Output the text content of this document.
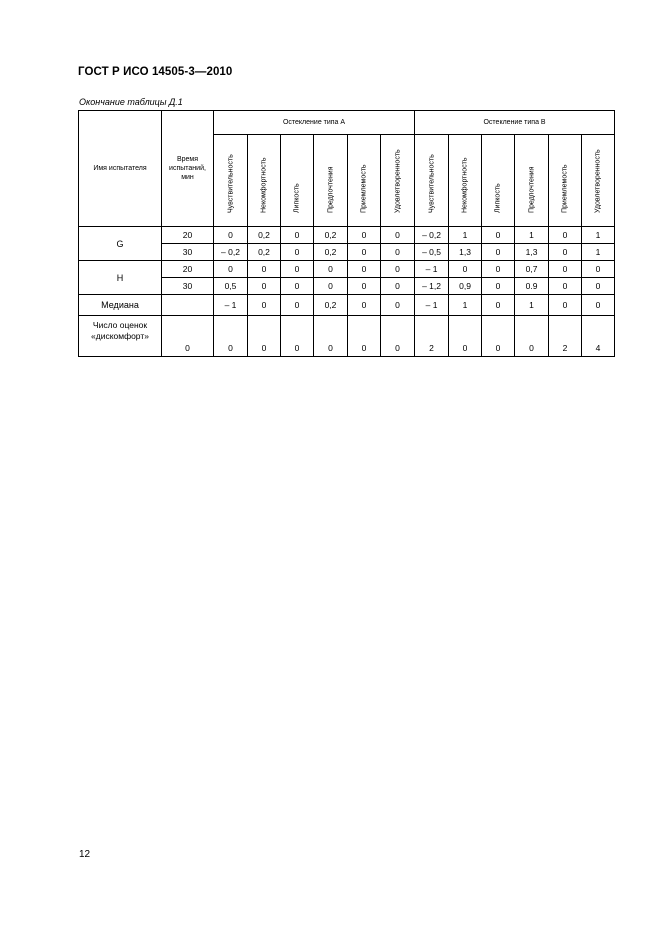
ГОСТ Р ИСО 14505-3—2010
Окончание таблицы Д.1
Имя испытателя	Время испытаний, мин	Остекление типа А						Остекление типа В					

		Чувствительность	Некомфортность	Липкость	Предпочтения	Приемлемость	Удовлетворенность	Чувствительность	Некомфортность	Липкость	Предпочтения	Приемлемость	Удовлетворенность

G	20	0	0,2	0	0,2	0	0	– 0,2	1	0	1	0	1
	30	– 0,2	0,2	0	0,2	0	0	– 0,5	1,3	0	1,3	0	1
H	20	0	0	0	0	0	0	– 1	0	0	0,7	0	0
	30	0,5	0	0	0	0	0	– 1,2	0,9	0	0.9	0	0
Медиана		– 1	0	0	0,2	0	0	– 1	1	0	1	0	0
Число оценок
«дискомфорт»	0	0	0	0	0	0	0	2	0	0	0	2	4
12
